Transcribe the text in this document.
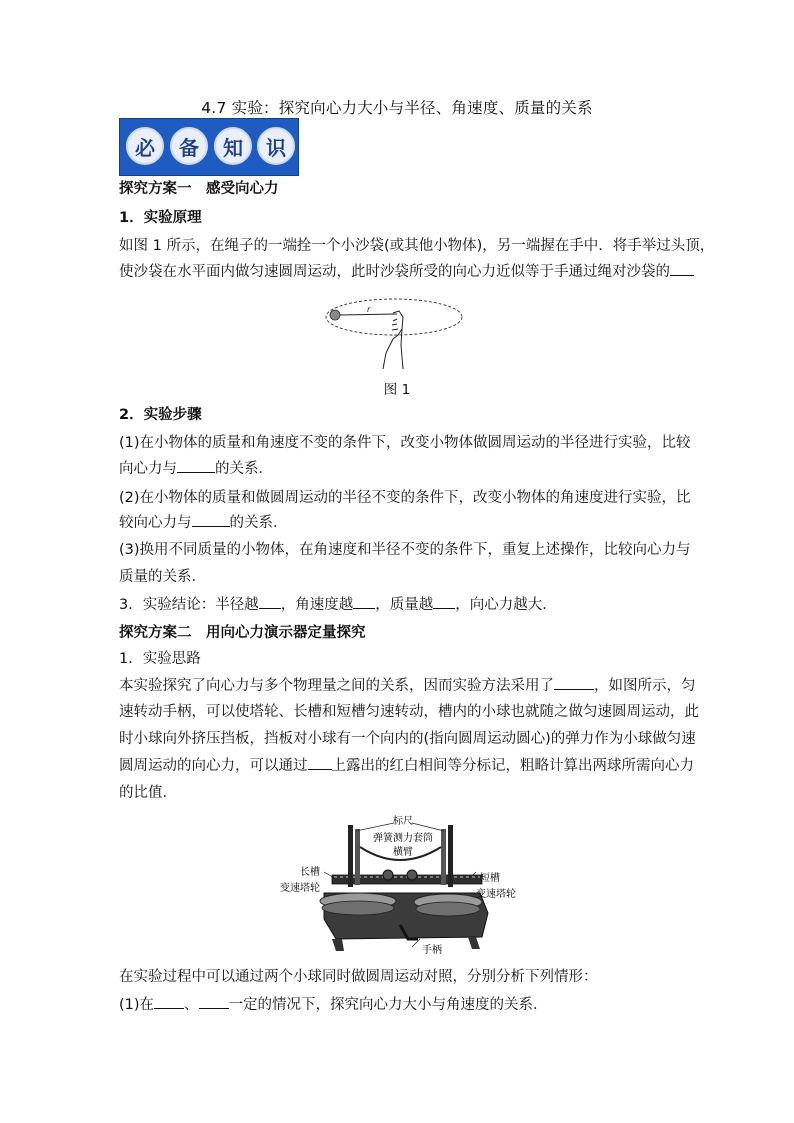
4.7 实验：探究向心力大小与半径、角速度、质量的关系
必	备	知	识
探究方案一　感受向心力
1．实验原理
如图 1 所示，在绳子的一端拴一个小沙袋(或其他小物体)，另一端握在手中．将手举过头顶，
使沙袋在水平面内做匀速圆周运动，此时沙袋所受的向心力近似等于手通过绳对沙袋的
r
图 1
2．实验步骤
(1)在小物体的质量和角速度不变的条件下，改变小物体做圆周运动的半径进行实验，比较
向心力与	的关系．
(2)在小物体的质量和做圆周运动的半径不变的条件下，改变小物体的角速度进行实验，比
较向心力与	的关系．
(3)换用不同质量的小物体，在角速度和半径不变的条件下，重复上述操作，比较向心力与
质量的关系．
3．实验结论：半径越 ，角速度越 ，质量越 ，向心力越大．
探究方案二　用向心力演示器定量探究
1．实验思路
本实验探究了向心力与多个物理量之间的关系，因而实验方法采用了	，如图所示，匀
速转动手柄，可以使塔轮、长槽和短槽匀速转动，槽内的小球也就随之做匀速圆周运动，此
时小球向外挤压挡板，挡板对小球有一个向内的(指向圆周运动圆心)的弹力作为小球做匀速
圆周运动的向心力，可以通过 上露出的红白相间等分标记，粗略计算出两球所需向心力
的比值．
标尺
弹簧测力套筒
横臂
长槽
变速塔轮
短槽
变速塔轮
手柄
在实验过程中可以通过两个小球同时做圆周运动对照，分别分析下列情形：
(1)在 、 一定的情况下，探究向心力大小与角速度的关系．
